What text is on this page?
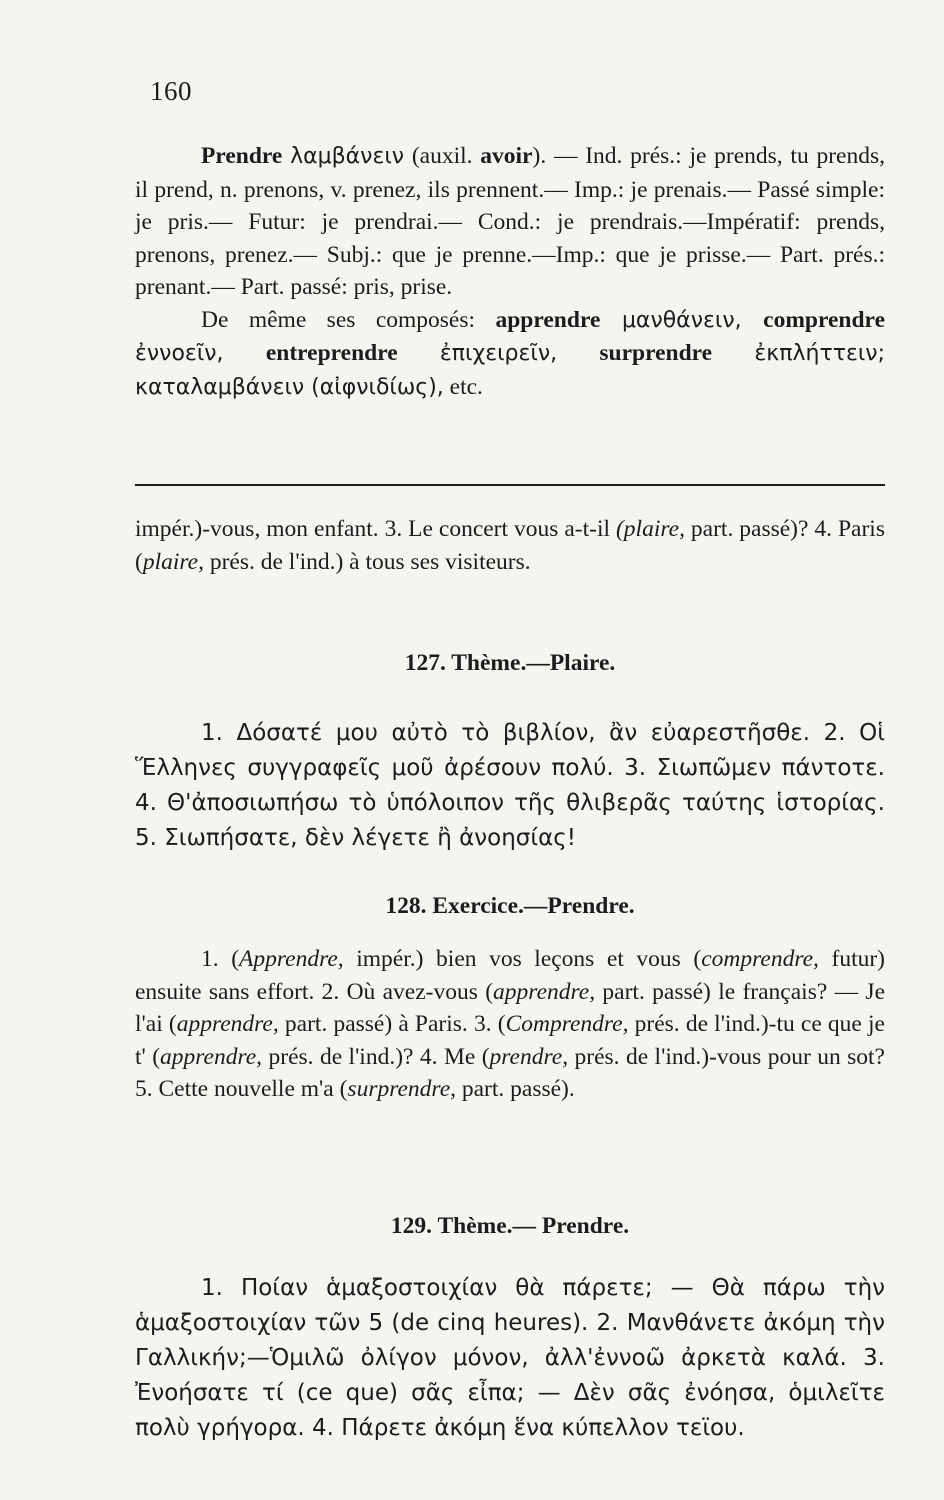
160

Prendre λαμβάνειν (auxil. avoir). — Ind. prés.: je prends, tu prends, il prend, n. prenons, v. prenez, ils prennent.— Imp.: je prenais.— Passé simple: je pris.— Futur: je prendrai.— Cond.: je prendrais.—Impératif: prends, prenons, prenez.— Subj.: que je prenne.—Imp.: que je prisse.— Part. prés.: prenant.— Part. passé: pris, prise.

De même ses composés: apprendre μανθάνειν, comprendre ἐννοεῖν, entreprendre ἐπιχειρεῖν, surprendre ἐκπλήττειν; καταλαμβάνειν (αἰφνιδίως), etc.

impér.)-vous, mon enfant. 3. Le concert vous a-t-il (plaire, part. passé)? 4. Paris (plaire, prés. de l'ind.) à tous ses visiteurs.

127. Thème.—Plaire.

1. Δόσατέ μου αὐτὸ τὸ βιβλίον, ἂν εὐαρεστῆσθε. 2. Οἱ Ἕλληνες συγγραφεῖς μοῦ ἀρέσουν πολύ. 3. Σιωπῶμεν πάντοτε. 4. Θ'ἀποσιωπήσω τὸ ὑπόλοιπον τῆς θλιβερᾶς ταύτης ἱστορίας. 5. Σιωπήσατε, δὲν λέγετε ἢ ἀνοησίας!

128. Exercice.—Prendre.

1. (Apprendre, impér.) bien vos leçons et vous (comprendre, futur) ensuite sans effort. 2. Où avez-vous (apprendre, part. passé) le français? — Je l'ai (apprendre, part. passé) à Paris. 3. (Comprendre, prés. de l'ind.)-tu ce que je t' (apprendre, prés. de l'ind.)? 4. Me (prendre, prés. de l'ind.)-vous pour un sot? 5. Cette nouvelle m'a (surprendre, part. passé).

129. Thème.— Prendre.

1. Ποίαν ἁμαξοστοιχίαν θὰ πάρετε; — Θὰ πάρω τὴν ἁμαξοστοιχίαν τῶν 5 (de cinq heures). 2. Μανθάνετε ἀκόμη τὴν Γαλλικήν;—Ὁμιλῶ ὀλίγον μόνον, ἀλλ'ἐννοῶ ἀρκετὰ καλά. 3. Ἐνοήσατε τί (ce que) σᾶς εἶπα; — Δὲν σᾶς ἐνόησα, ὁμιλεῖτε πολὺ γρήγορα. 4. Πάρετε ἀκόμη ἕνα κύπελλον τεϊου.
